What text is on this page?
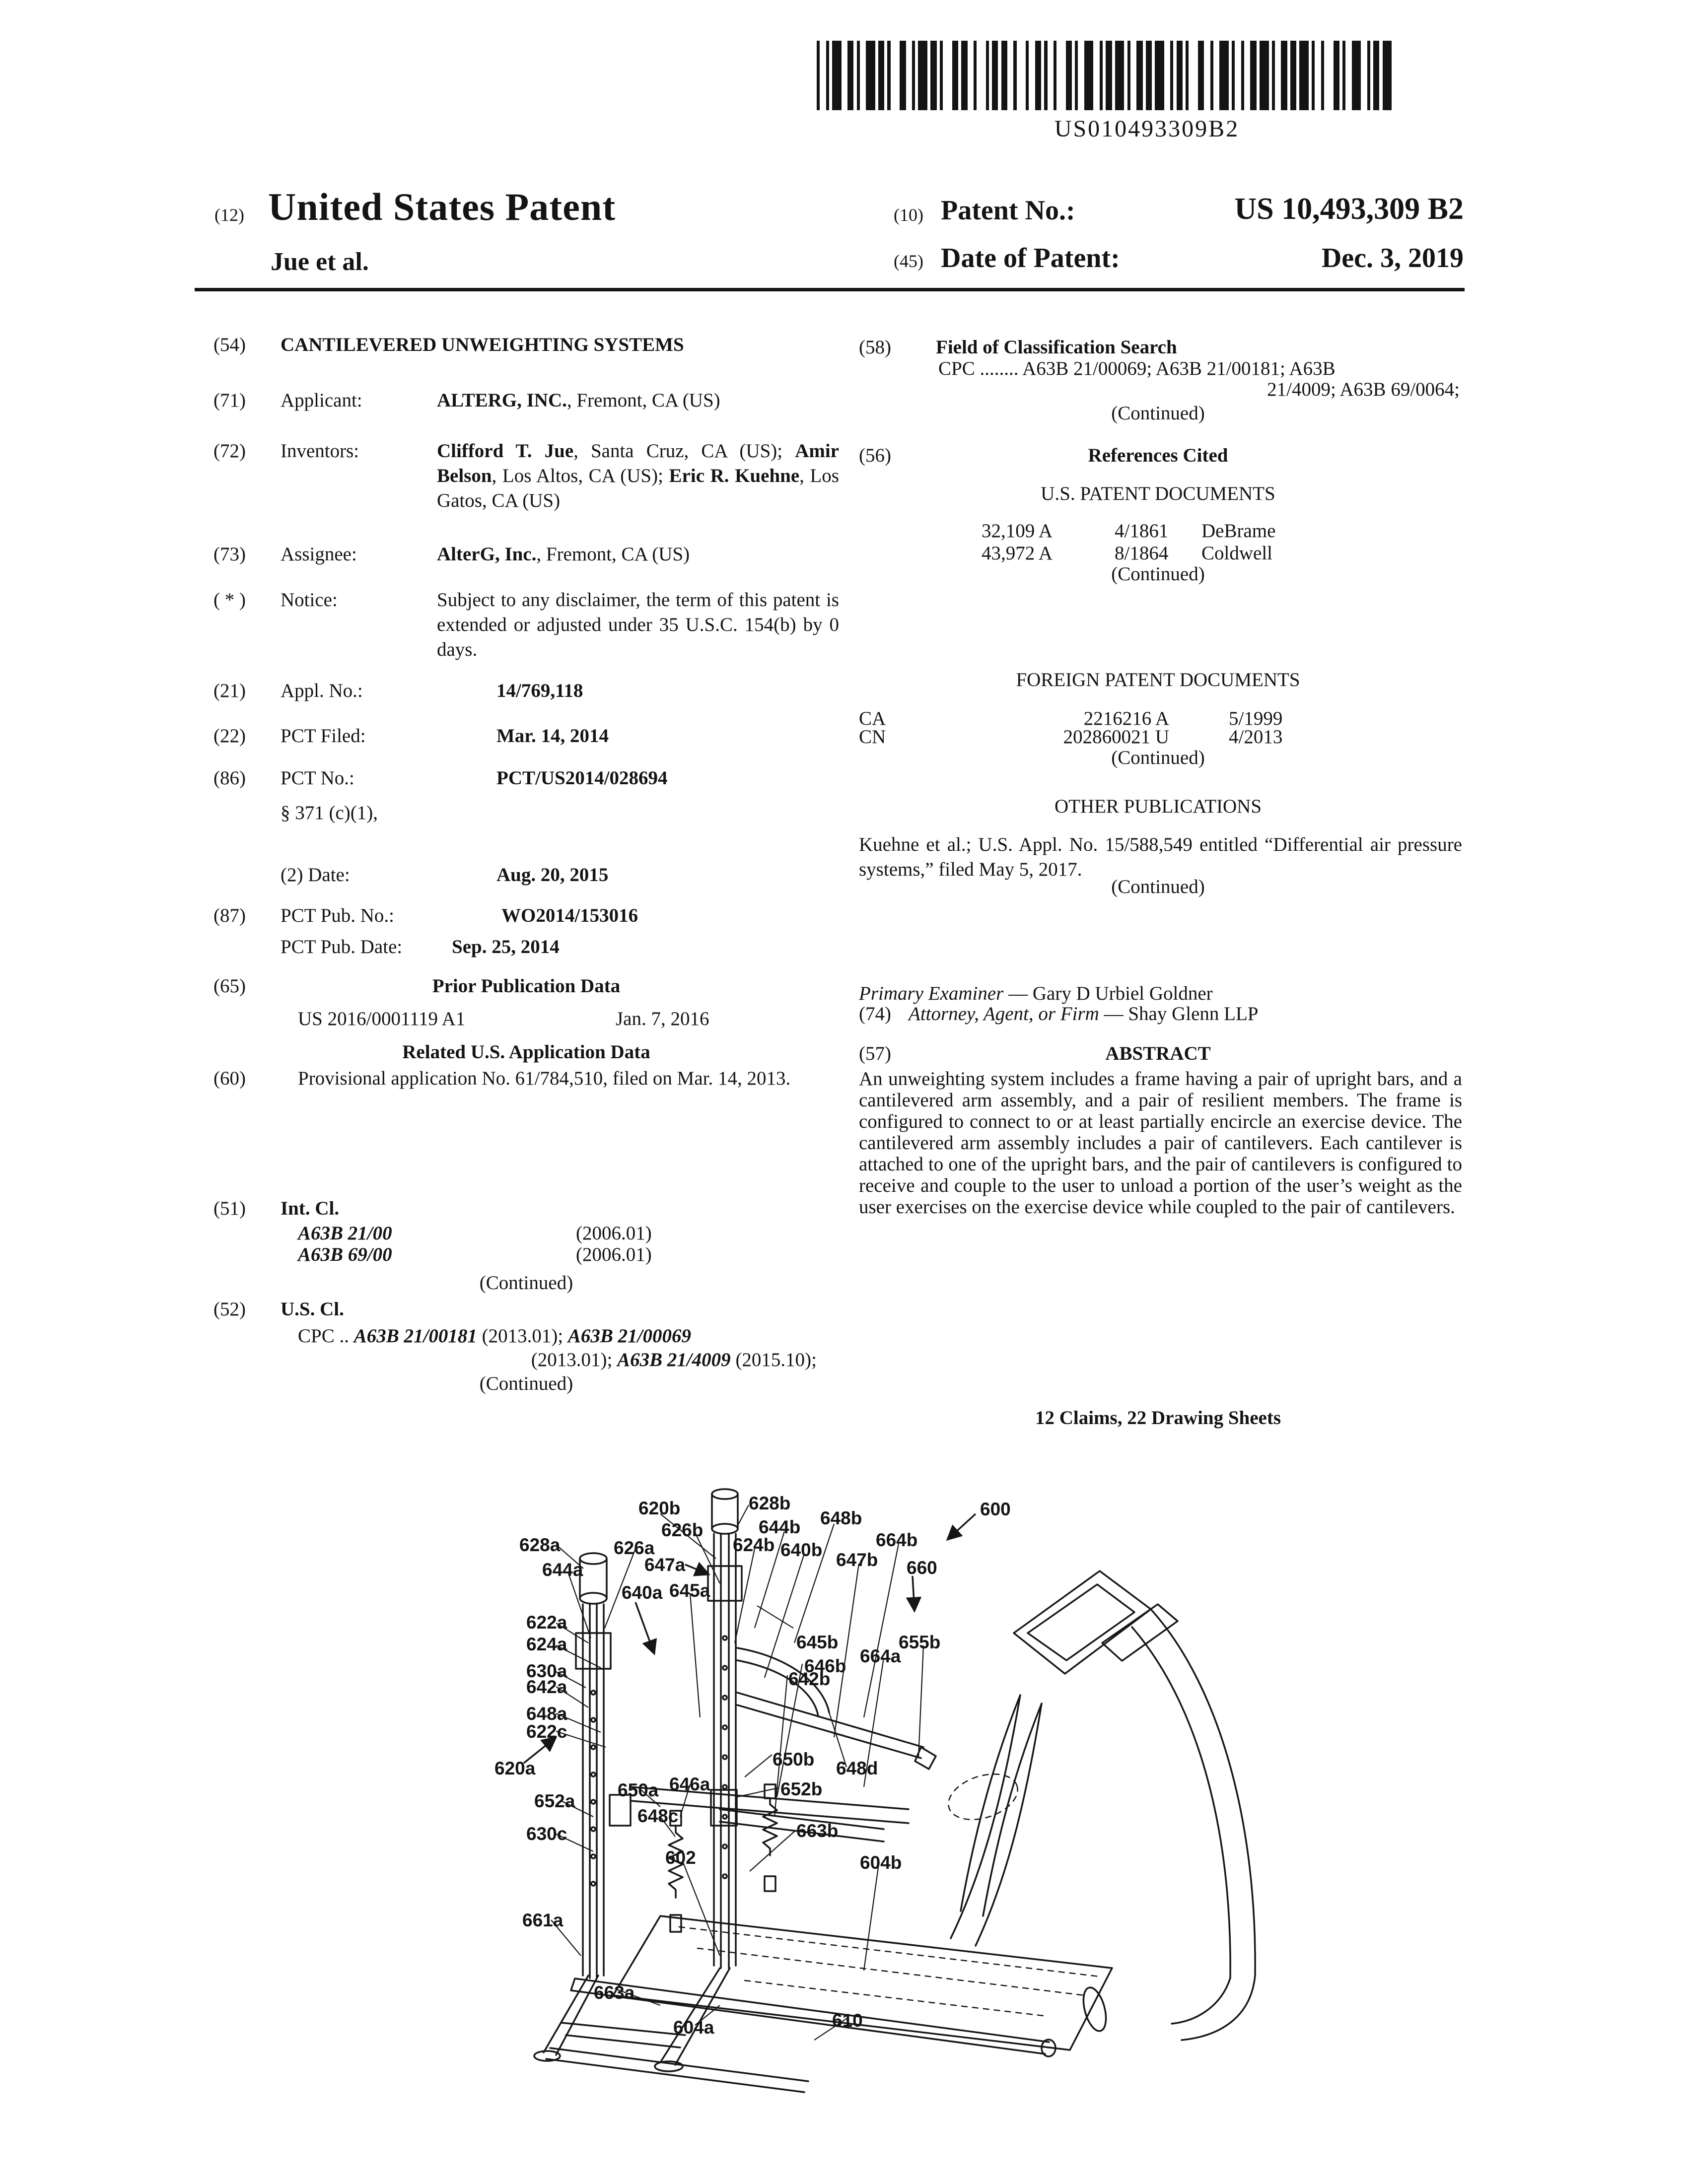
US010493309B2
(12) United States Patent
Jue et al.
(10) Patent No.:	US 10,493,309 B2
(45) Date of Patent:	Dec. 3, 2019
(54) CANTILEVERED UNWEIGHTING SYSTEMS
(71) Applicant:	ALTERG, INC., Fremont, CA (US)
(72) Inventors:	Clifford T. Jue, Santa Cruz, CA (US); Amir Belson, Los Altos, CA (US); Eric R. Kuehne, Los Gatos, CA (US)
(73) Assignee:	AlterG, Inc., Fremont, CA (US)
( * ) Notice:	Subject to any disclaimer, the term of this patent is extended or adjusted under 35 U.S.C. 154(b) by 0 days.
(21) Appl. No.:	14/769,118
(22) PCT Filed:	Mar. 14, 2014
(86) PCT No.:	PCT/US2014/028694
§ 371 (c)(1),
(2) Date:	Aug. 20, 2015
(87) PCT Pub. No.:	WO2014/153016
PCT Pub. Date:	Sep. 25, 2014
(65)	Prior Publication Data
US 2016/0001119 A1	Jan. 7, 2016
Related U.S. Application Data
(60)	Provisional application No. 61/784,510, filed on Mar. 14, 2013.
(51) Int. Cl.
A63B 21/00	(2006.01)
A63B 69/00	(2006.01)
(Continued)
(52) U.S. Cl.
CPC .. A63B 21/00181 (2013.01); A63B 21/00069
(2013.01); A63B 21/4009 (2015.10);
(Continued)
(58) Field of Classification Search
CPC ........ A63B 21/00069; A63B 21/00181; A63B
21/4009; A63B 69/0064;
(Continued)
(56)	References Cited
U.S. PATENT DOCUMENTS
32,109 A	4/1861 DeBrame
43,972 A	8/1864 Coldwell
(Continued)
FOREIGN PATENT DOCUMENTS
CA	2216216 A	5/1999
CN	202860021 U	4/2013
(Continued)
OTHER PUBLICATIONS
Kuehne et al.; U.S. Appl. No. 15/588,549 entitled “Differential air pressure systems,” filed May 5, 2017.
(Continued)
Primary Examiner — Gary D Urbiel Goldner
(74) Attorney, Agent, or Firm — Shay Glenn LLP
(57)	ABSTRACT
An unweighting system includes a frame having a pair of upright bars, and a cantilevered arm assembly, and a pair of resilient members. The frame is configured to connect to or at least partially encircle an exercise device. The cantilevered arm assembly includes a pair of cantilevers. Each cantilever is attached to one of the upright bars, and the pair of cantilevers is configured to receive and couple to the user to unload a portion of the user’s weight as the user exercises on the exercise device while coupled to the pair of cantilevers.
12 Claims, 22 Drawing Sheets
600
620b	628b
626b	644b 648b
628a	626a	624b 640b	664b
644a	647a	647b 660
640a 645a
622a
624a	645b	655b
664a
630a	646b
642a	642b
648a
622c
620a	650b 648d
650a 646a
652a
652b
648c
630c	663b
602	604b
661a
663a
604a	610
